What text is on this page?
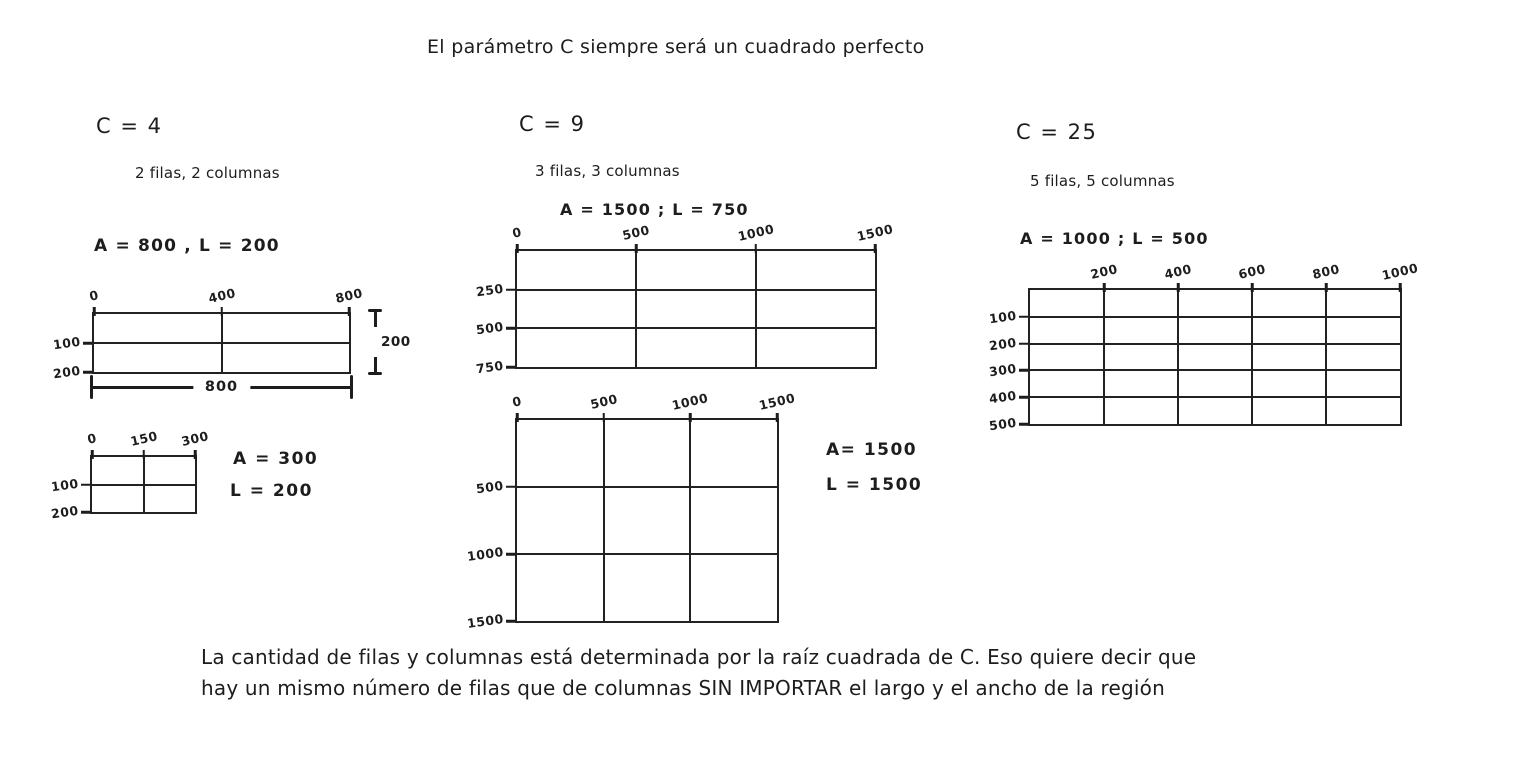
El parámetro C siempre será un cuadrado perfecto
C = 4
2 filas, 2 columnas
A = 800 , L = 200
0	400	800
100
200
200
800
0 150 300
100
200
A = 300
L = 200
C = 9
3 filas, 3 columnas
A = 1500 ; L = 750
0	500	1000	1500
250
500
750
0	500	1000	1500
500
1000
1500
A= 1500
L = 1500
C = 25
5 filas, 5 columnas
A = 1000 ; L = 500
200	400	600	800	1000
100
200
300
400
500
La cantidad de filas y columnas está determinada por la raíz cuadrada de C. Eso quiere decir que
hay un mismo número de filas que de columnas SIN IMPORTAR el largo y el ancho de la región
